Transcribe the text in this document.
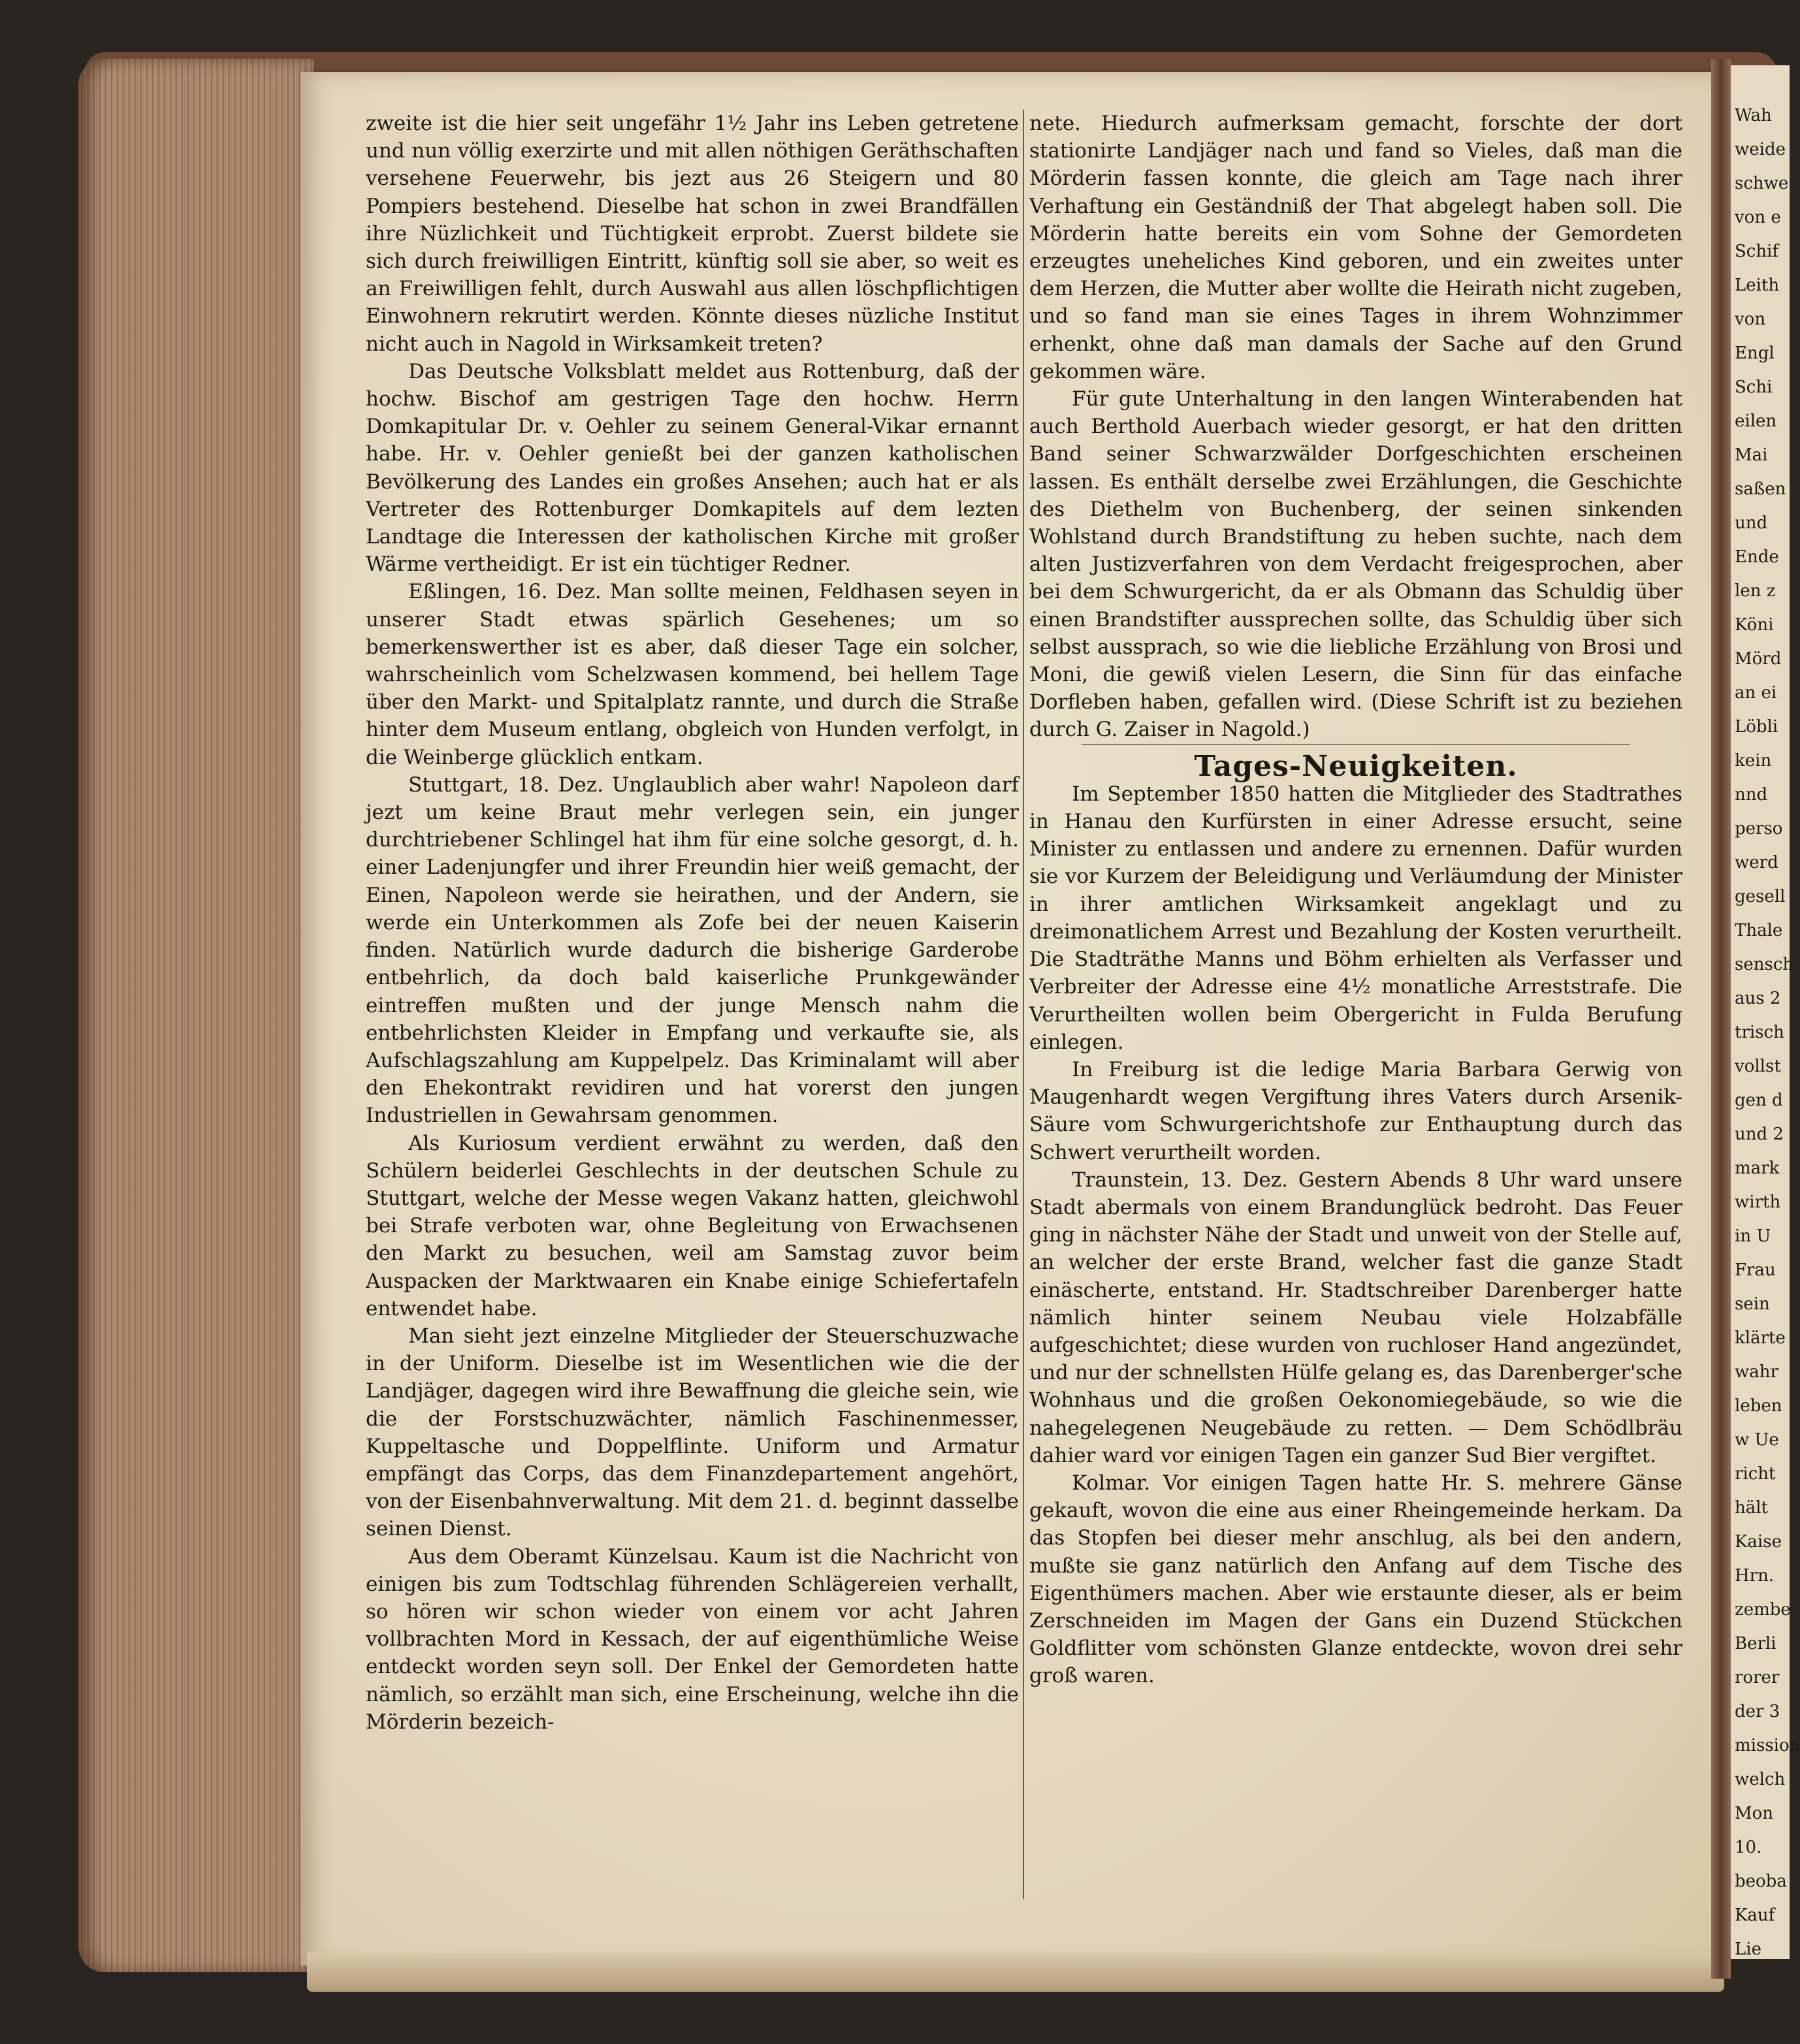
Wah
weide
schwe
von e
Schif
Leith
von
Engl
Schi
eilen
Mai
saßen
und
Ende
len z
Köni
Mörd
an ei
Löbli
kein
nnd
perso
werd
gesell
Thale
sensch
aus 2
trisch
vollst
gen d
und 2
mark
wirth
in U
Frau
sein
klärte
wahr
leben
w Ue
richt
hält
Kaise
Hrn.
zembe
Berli
rorer
der 3
mission
welch
Mon
10.
beoba
Kauf
Lie

zweite ist die hier seit ungefähr 1½ Jahr ins Leben getretene und nun völlig exerzirte und mit allen nöthigen Geräthschaften versehene Feuerwehr, bis jezt aus 26 Steigern und 80 Pompiers bestehend. Dieselbe hat schon in zwei Brandfällen ihre Nüzlichkeit und Tüchtigkeit erprobt. Zuerst bildete sie sich durch freiwilligen Eintritt, künftig soll sie aber, so weit es an Freiwilligen fehlt, durch Auswahl aus allen löschpflichtigen Einwohnern rekrutirt werden. Könnte dieses nüzliche Institut nicht auch in Nagold in Wirksamkeit treten?

Das Deutsche Volksblatt meldet aus Rottenburg, daß der hochw. Bischof am gestrigen Tage den hochw. Herrn Domkapitular Dr. v. Oehler zu seinem General-Vikar ernannt habe. Hr. v. Oehler genießt bei der ganzen katholischen Bevölkerung des Landes ein großes Ansehen; auch hat er als Vertreter des Rottenburger Domkapitels auf dem lezten Landtage die Interessen der katholischen Kirche mit großer Wärme vertheidigt. Er ist ein tüchtiger Redner.

Eßlingen, 16. Dez. Man sollte meinen, Feldhasen seyen in unserer Stadt etwas spärlich Gesehenes; um so bemerkenswerther ist es aber, daß dieser Tage ein solcher, wahrscheinlich vom Schelzwasen kommend, bei hellem Tage über den Markt- und Spitalplatz rannte, und durch die Straße hinter dem Museum entlang, obgleich von Hunden verfolgt, in die Weinberge glücklich entkam.

Stuttgart, 18. Dez. Unglaublich aber wahr! Napoleon darf jezt um keine Braut mehr verlegen sein, ein junger durchtriebener Schlingel hat ihm für eine solche gesorgt, d. h. einer Ladenjungfer und ihrer Freundin hier weiß gemacht, der Einen, Napoleon werde sie heirathen, und der Andern, sie werde ein Unterkommen als Zofe bei der neuen Kaiserin finden. Natürlich wurde dadurch die bisherige Garderobe entbehrlich, da doch bald kaiserliche Prunkgewänder eintreffen mußten und der junge Mensch nahm die entbehrlichsten Kleider in Empfang und verkaufte sie, als Aufschlagszahlung am Kuppelpelz. Das Kriminalamt will aber den Ehekontrakt revidiren und hat vorerst den jungen Industriellen in Gewahrsam genommen.

Als Kuriosum verdient erwähnt zu werden, daß den Schülern beiderlei Geschlechts in der deutschen Schule zu Stuttgart, welche der Messe wegen Vakanz hatten, gleichwohl bei Strafe verboten war, ohne Begleitung von Erwachsenen den Markt zu besuchen, weil am Samstag zuvor beim Auspacken der Marktwaaren ein Knabe einige Schiefertafeln entwendet habe.

Man sieht jezt einzelne Mitglieder der Steuerschuzwache in der Uniform. Dieselbe ist im Wesentlichen wie die der Landjäger, dagegen wird ihre Bewaffnung die gleiche sein, wie die der Forstschuzwächter, nämlich Faschinenmesser, Kuppeltasche und Doppelflinte. Uniform und Armatur empfängt das Corps, das dem Finanzdepartement angehört, von der Eisenbahnverwaltung. Mit dem 21. d. beginnt dasselbe seinen Dienst.

Aus dem Oberamt Künzelsau. Kaum ist die Nachricht von einigen bis zum Todtschlag führenden Schlägereien verhallt, so hören wir schon wieder von einem vor acht Jahren vollbrachten Mord in Kessach, der auf eigenthümliche Weise entdeckt worden seyn soll. Der Enkel der Gemordeten hatte nämlich, so erzählt man sich, eine Erscheinung, welche ihn die Mörderin bezeich-

nete. Hiedurch aufmerksam gemacht, forschte der dort stationirte Landjäger nach und fand so Vieles, daß man die Mörderin fassen konnte, die gleich am Tage nach ihrer Verhaftung ein Geständniß der That abgelegt haben soll. Die Mörderin hatte bereits ein vom Sohne der Gemordeten erzeugtes uneheliches Kind geboren, und ein zweites unter dem Herzen, die Mutter aber wollte die Heirath nicht zugeben, und so fand man sie eines Tages in ihrem Wohnzimmer erhenkt, ohne daß man damals der Sache auf den Grund gekommen wäre.

Für gute Unterhaltung in den langen Winterabenden hat auch Berthold Auerbach wieder gesorgt, er hat den dritten Band seiner Schwarzwälder Dorfgeschichten erscheinen lassen. Es enthält derselbe zwei Erzählungen, die Geschichte des Diethelm von Buchenberg, der seinen sinkenden Wohlstand durch Brandstiftung zu heben suchte, nach dem alten Justizverfahren von dem Verdacht freigesprochen, aber bei dem Schwurgericht, da er als Obmann das Schuldig über einen Brandstifter aussprechen sollte, das Schuldig über sich selbst aussprach, so wie die liebliche Erzählung von Brosi und Moni, die gewiß vielen Lesern, die Sinn für das einfache Dorfleben haben, gefallen wird. (Diese Schrift ist zu beziehen durch G. Zaiser in Nagold.)

Tages-Neuigkeiten.

Im September 1850 hatten die Mitglieder des Stadtrathes in Hanau den Kurfürsten in einer Adresse ersucht, seine Minister zu entlassen und andere zu ernennen. Dafür wurden sie vor Kurzem der Beleidigung und Verläumdung der Minister in ihrer amtlichen Wirksamkeit angeklagt und zu dreimonatlichem Arrest und Bezahlung der Kosten verurtheilt. Die Stadträthe Manns und Böhm erhielten als Verfasser und Verbreiter der Adresse eine 4½ monatliche Arreststrafe. Die Verurtheilten wollen beim Obergericht in Fulda Berufung einlegen.

In Freiburg ist die ledige Maria Barbara Gerwig von Maugenhardt wegen Vergiftung ihres Vaters durch Arsenik-Säure vom Schwurgerichtshofe zur Enthauptung durch das Schwert verurtheilt worden.

Traunstein, 13. Dez. Gestern Abends 8 Uhr ward unsere Stadt abermals von einem Brandunglück bedroht. Das Feuer ging in nächster Nähe der Stadt und unweit von der Stelle auf, an welcher der erste Brand, welcher fast die ganze Stadt einäscherte, entstand. Hr. Stadtschreiber Darenberger hatte nämlich hinter seinem Neubau viele Holzabfälle aufgeschichtet; diese wurden von ruchloser Hand angezündet, und nur der schnellsten Hülfe gelang es, das Darenberger'sche Wohnhaus und die großen Oekonomiegebäude, so wie die nahegelegenen Neugebäude zu retten. — Dem Schödlbräu dahier ward vor einigen Tagen ein ganzer Sud Bier vergiftet.

Kolmar. Vor einigen Tagen hatte Hr. S. mehrere Gänse gekauft, wovon die eine aus einer Rheingemeinde herkam. Da das Stopfen bei dieser mehr anschlug, als bei den andern, mußte sie ganz natürlich den Anfang auf dem Tische des Eigenthümers machen. Aber wie erstaunte dieser, als er beim Zerschneiden im Magen der Gans ein Duzend Stückchen Goldflitter vom schönsten Glanze entdeckte, wovon drei sehr groß waren.
